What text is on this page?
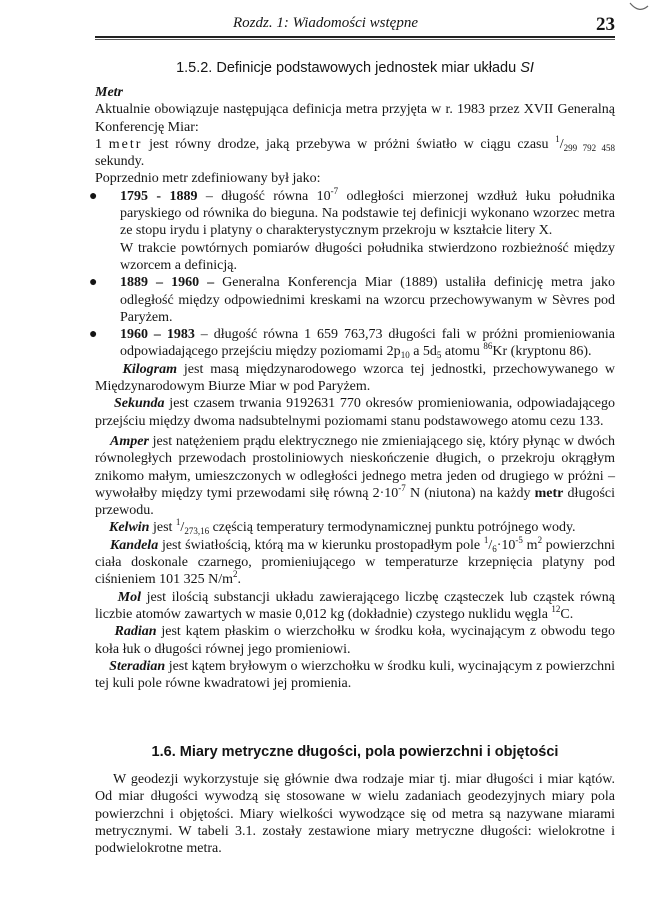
Rozdz. 1: Wiadomości wstępne	23
1.5.2. Definicje podstawowych jednostek miar układu SI

Metr

Aktualnie obowiązuje następująca definicja metra przyjęta w r. 1983 przez XVII Generalną Konferencję Miar:

1 metr jest równy drodze, jaką przebywa w próżni światło w ciągu czasu $^1/_{299 792 458}$ sekundy.

Poprzednio metr zdefiniowany był jako:

● 1795 - 1889 – długość równa $10^{-7}$ odległości mierzonej wzdłuż łuku południka paryskiego od równika do bieguna. Na podstawie tej definicji wykonano wzorzec metra ze stopu irydu i platyny o charakterystycznym przekroju w kształcie litery X.
W trakcie powtórnych pomiarów długości południka stwierdzono rozbieżność między wzorcem a definicją.

● 1889 – 1960 – Generalna Konferencja Miar (1889) ustaliła definicję metra jako odległość między odpowiednimi kreskami na wzorcu przechowywanym w Sèvres pod Paryżem.

● 1960 – 1983 – długość równa 1 659 763,73 długości fali w próżni promieniowania odpowiadającego przejściu między poziomami $2p_{10}$ a $5d_5$ atomu $^{86}$Kr (kryptonu 86).

Kilogram jest masą międzynarodowego wzorca tej jednostki, przechowywanego w Międzynarodowym Biurze Miar w pod Paryżem.

Sekunda jest czasem trwania 9192631 770 okresów promieniowania, odpowiadającego przejściu między dwoma nadsubtelnymi poziomami stanu podstawowego atomu cezu 133.

Amper jest natężeniem prądu elektrycznego nie zmieniającego się, który płynąc w dwóch równoległych przewodach prostoliniowych nieskończenie długich, o przekroju okrągłym znikomo małym, umieszczonych w odległości jednego metra jeden od drugiego w próżni – wywołałby między tymi przewodami siłę równą $2\cdot 10^{-7}$ N (niutona) na każdy metr długości przewodu.

Kelwin jest $^1/_{273,16}$ częścią temperatury termodynamicznej punktu potrójnego wody.

Kandela jest światłością, którą ma w kierunku prostopadłym pole $^1/_6\cdot 10^{-5}$ $m^2$ powierzchni ciała doskonale czarnego, promieniującego w temperaturze krzepnięcia platyny pod ciśnieniem 101 325 $N/m^2$.

Mol jest ilością substancji układu zawierającego liczbę cząsteczek lub cząstek równą liczbie atomów zawartych w masie 0,012 kg (dokładnie) czystego nuklidu węgla $^{12}$C.

Radian jest kątem płaskim o wierzchołku w środku koła, wycinającym z obwodu tego koła łuk o długości równej jego promieniowi.

Steradian jest kątem bryłowym o wierzchołku w środku kuli, wycinającym z powierzchni tej kuli pole równe kwadratowi jej promienia.

1.6. Miary metryczne długości, pola powierzchni i objętości

W geodezji wykorzystuje się głównie dwa rodzaje miar tj. miar długości i miar kątów. Od miar długości wywodzą się stosowane w wielu zadaniach geodezyjnych miary pola powierzchni i objętości. Miary wielkości wywodzące się od metra są nazywane miarami metrycznymi. W tabeli 3.1. zostały zestawione miary metryczne długości: wielokrotne i podwielokrotne metra.
